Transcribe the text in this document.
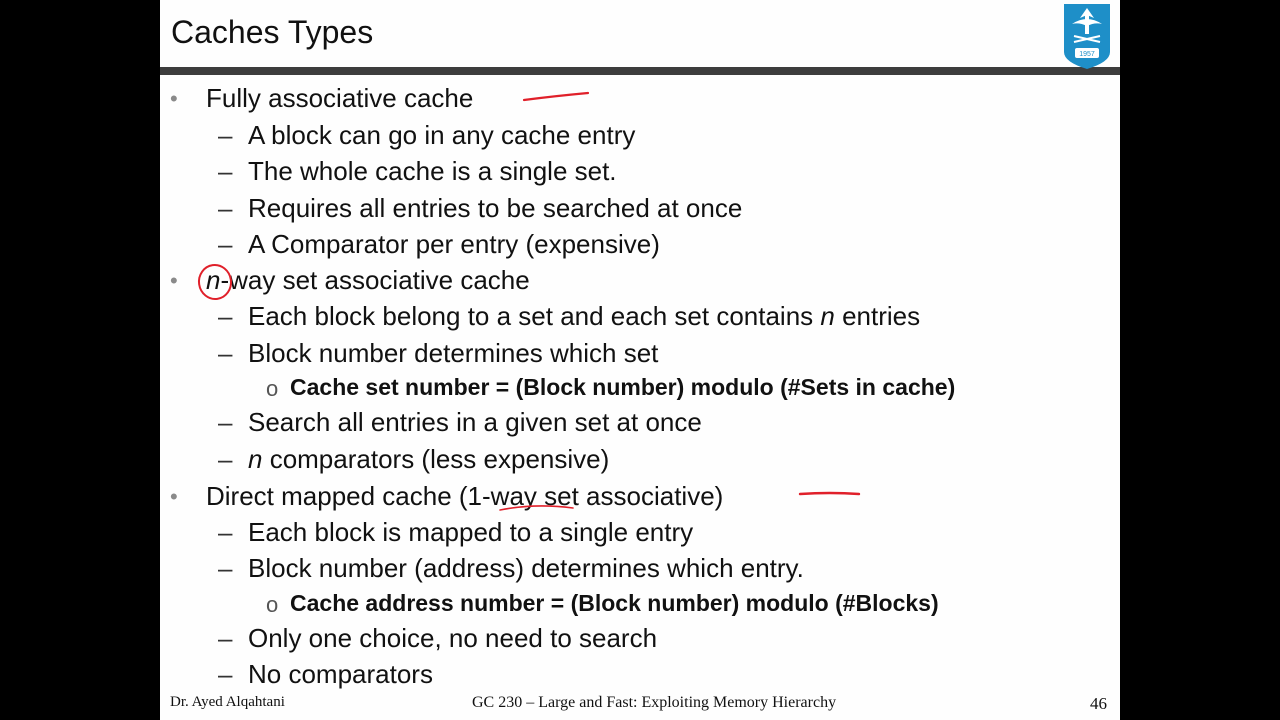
Caches Types
1957
• Fully associative cache
– A block can go in any cache entry
– The whole cache is a single set.
– Requires all entries to be searched at once
– A Comparator per entry (expensive)
• n-way set associative cache
– Each block belong to a set and each set contains n entries
– Block number determines which set
o Cache set number = (Block number) modulo (#Sets in cache)
– Search all entries in a given set at once
– n comparators (less expensive)
• Direct mapped cache (1-way set associative)
– Each block is mapped to a single entry
– Block number (address) determines which entry.
o Cache address number = (Block number) modulo (#Blocks)
– Only one choice, no need to search
– No comparators
Dr. Ayed Alqahtani	GC 230 – Large and Fast: Exploiting Memory Hierarchy	46
